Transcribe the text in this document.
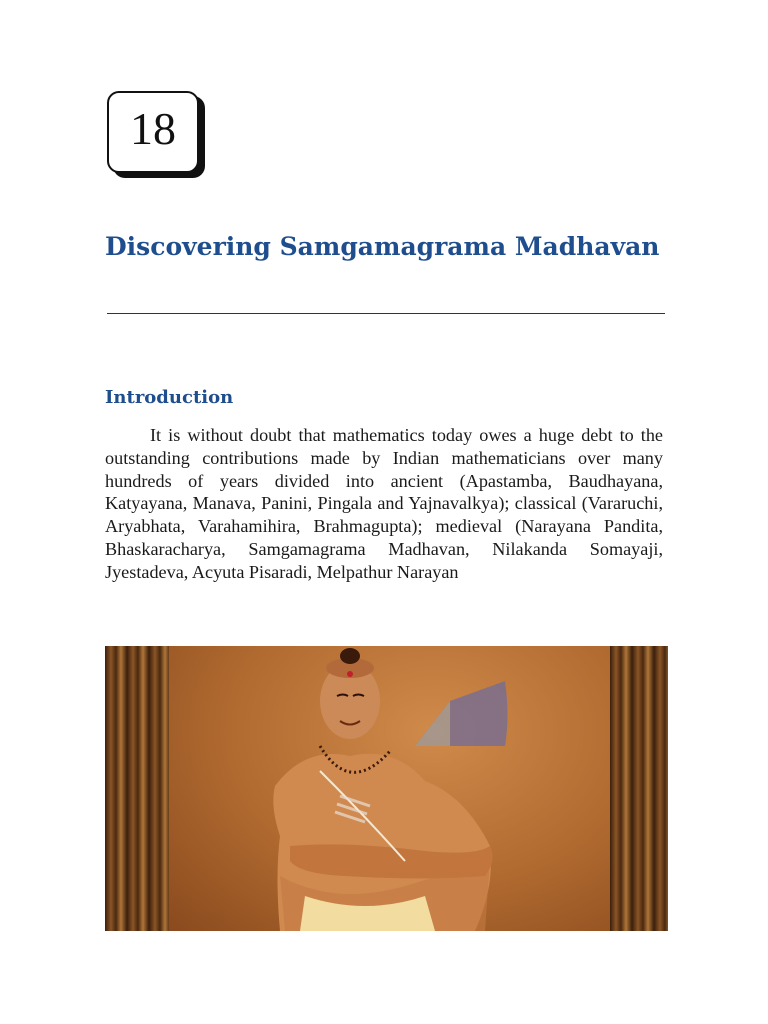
18
Discovering Samgamagrama Madhavan
Introduction

It is without doubt that mathematics today owes a huge debt to the outstanding contributions made by Indian mathematicians over many hundreds of years divided into ancient (Apastamba, Baudhayana, Katyayana, Manava, Panini, Pingala and Yajnavalkya); classical (Vararuchi, Aryabhata, Varahamihira, Brahmagupta); medieval (Narayana Pandita, Bhaskaracharya, Samgamagrama Madhavan, Nilakanda Somayaji, Jyestadeva, Acyuta Pisaradi, Melpathur Narayan
